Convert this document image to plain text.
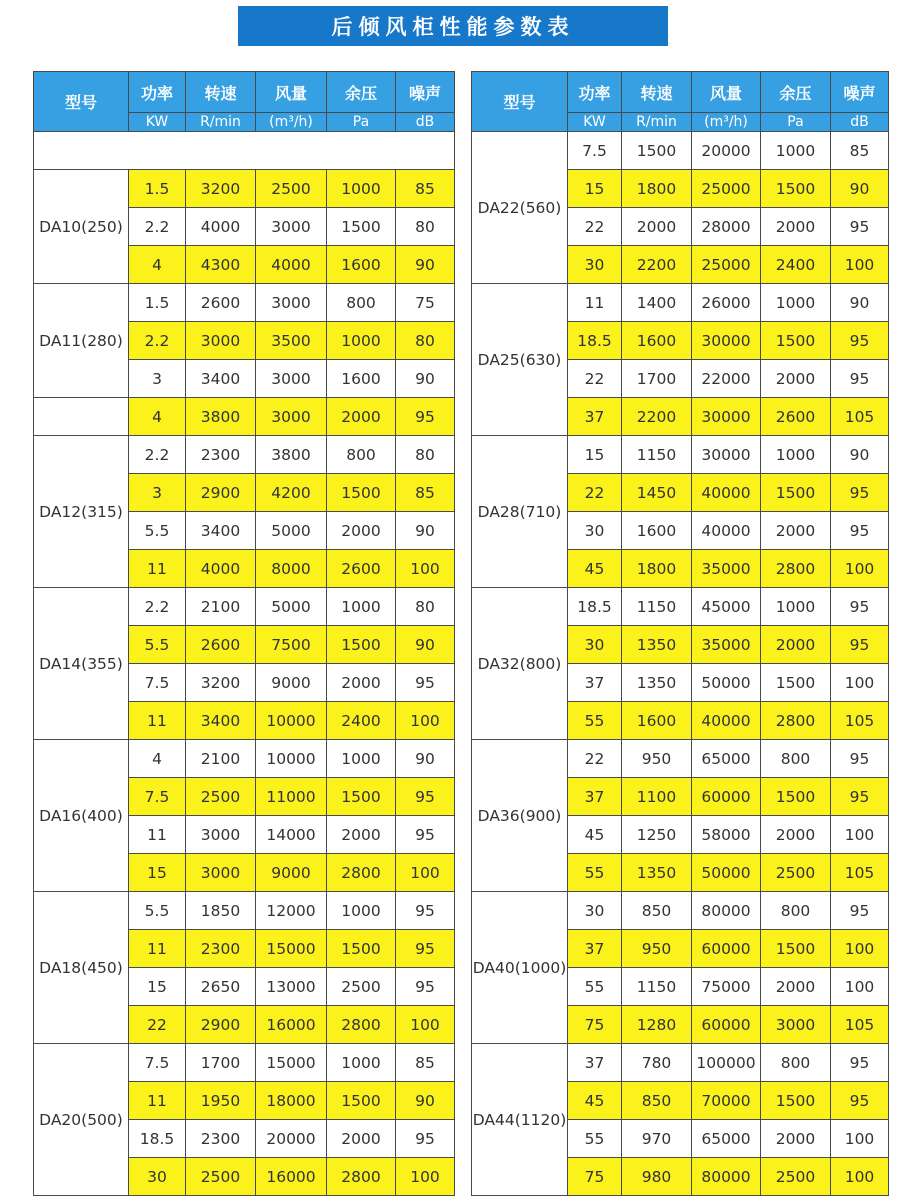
后倾风柜性能参数表
型号	功率	转速	风量	余压	噪声
	KW	R/min	(m³/h)	Pa	dB

DA10(250)	1.5	3200	2500	1000	85
	2.2	4000	3000	1500	80
	4	4300	4000	1600	90
DA11(280)	1.5	2600	3000	800	75
	2.2	3000	3500	1000	80
	3	3400	3000	1600	90
	4	3800	3000	2000	95
DA12(315)	2.2	2300	3800	800	80
	3	2900	4200	1500	85
	5.5	3400	5000	2000	90
	11	4000	8000	2600	100
DA14(355)	2.2	2100	5000	1000	80
	5.5	2600	7500	1500	90
	7.5	3200	9000	2000	95
	11	3400	10000	2400	100
DA16(400)	4	2100	10000	1000	90
	7.5	2500	11000	1500	95
	11	3000	14000	2000	95
	15	3000	9000	2800	100
DA18(450)	5.5	1850	12000	1000	95
	11	2300	15000	1500	95
	15	2650	13000	2500	95
	22	2900	16000	2800	100
DA20(500)	7.5	1700	15000	1000	85
	11	1950	18000	1500	90
	18.5	2300	20000	2000	95
	30	2500	16000	2800	100
型号	功率	转速	风量	余压	噪声
	KW	R/min	(m³/h)	Pa	dB
DA22(560)	7.5	1500	20000	1000	85
	15	1800	25000	1500	90
	22	2000	28000	2000	95
	30	2200	25000	2400	100
DA25(630)	11	1400	26000	1000	90
	18.5	1600	30000	1500	95
	22	1700	22000	2000	95
	37	2200	30000	2600	105
DA28(710)	15	1150	30000	1000	90
	22	1450	40000	1500	95
	30	1600	40000	2000	95
	45	1800	35000	2800	100
DA32(800)	18.5	1150	45000	1000	95
	30	1350	35000	2000	95
	37	1350	50000	1500	100
	55	1600	40000	2800	105
DA36(900)	22	950	65000	800	95
	37	1100	60000	1500	95
	45	1250	58000	2000	100
	55	1350	50000	2500	105
DA40(1000)	30	850	80000	800	95
	37	950	60000	1500	100
	55	1150	75000	2000	100
	75	1280	60000	3000	105
DA44(1120)	37	780	100000	800	95
	45	850	70000	1500	95
	55	970	65000	2000	100
	75	980	80000	2500	100
